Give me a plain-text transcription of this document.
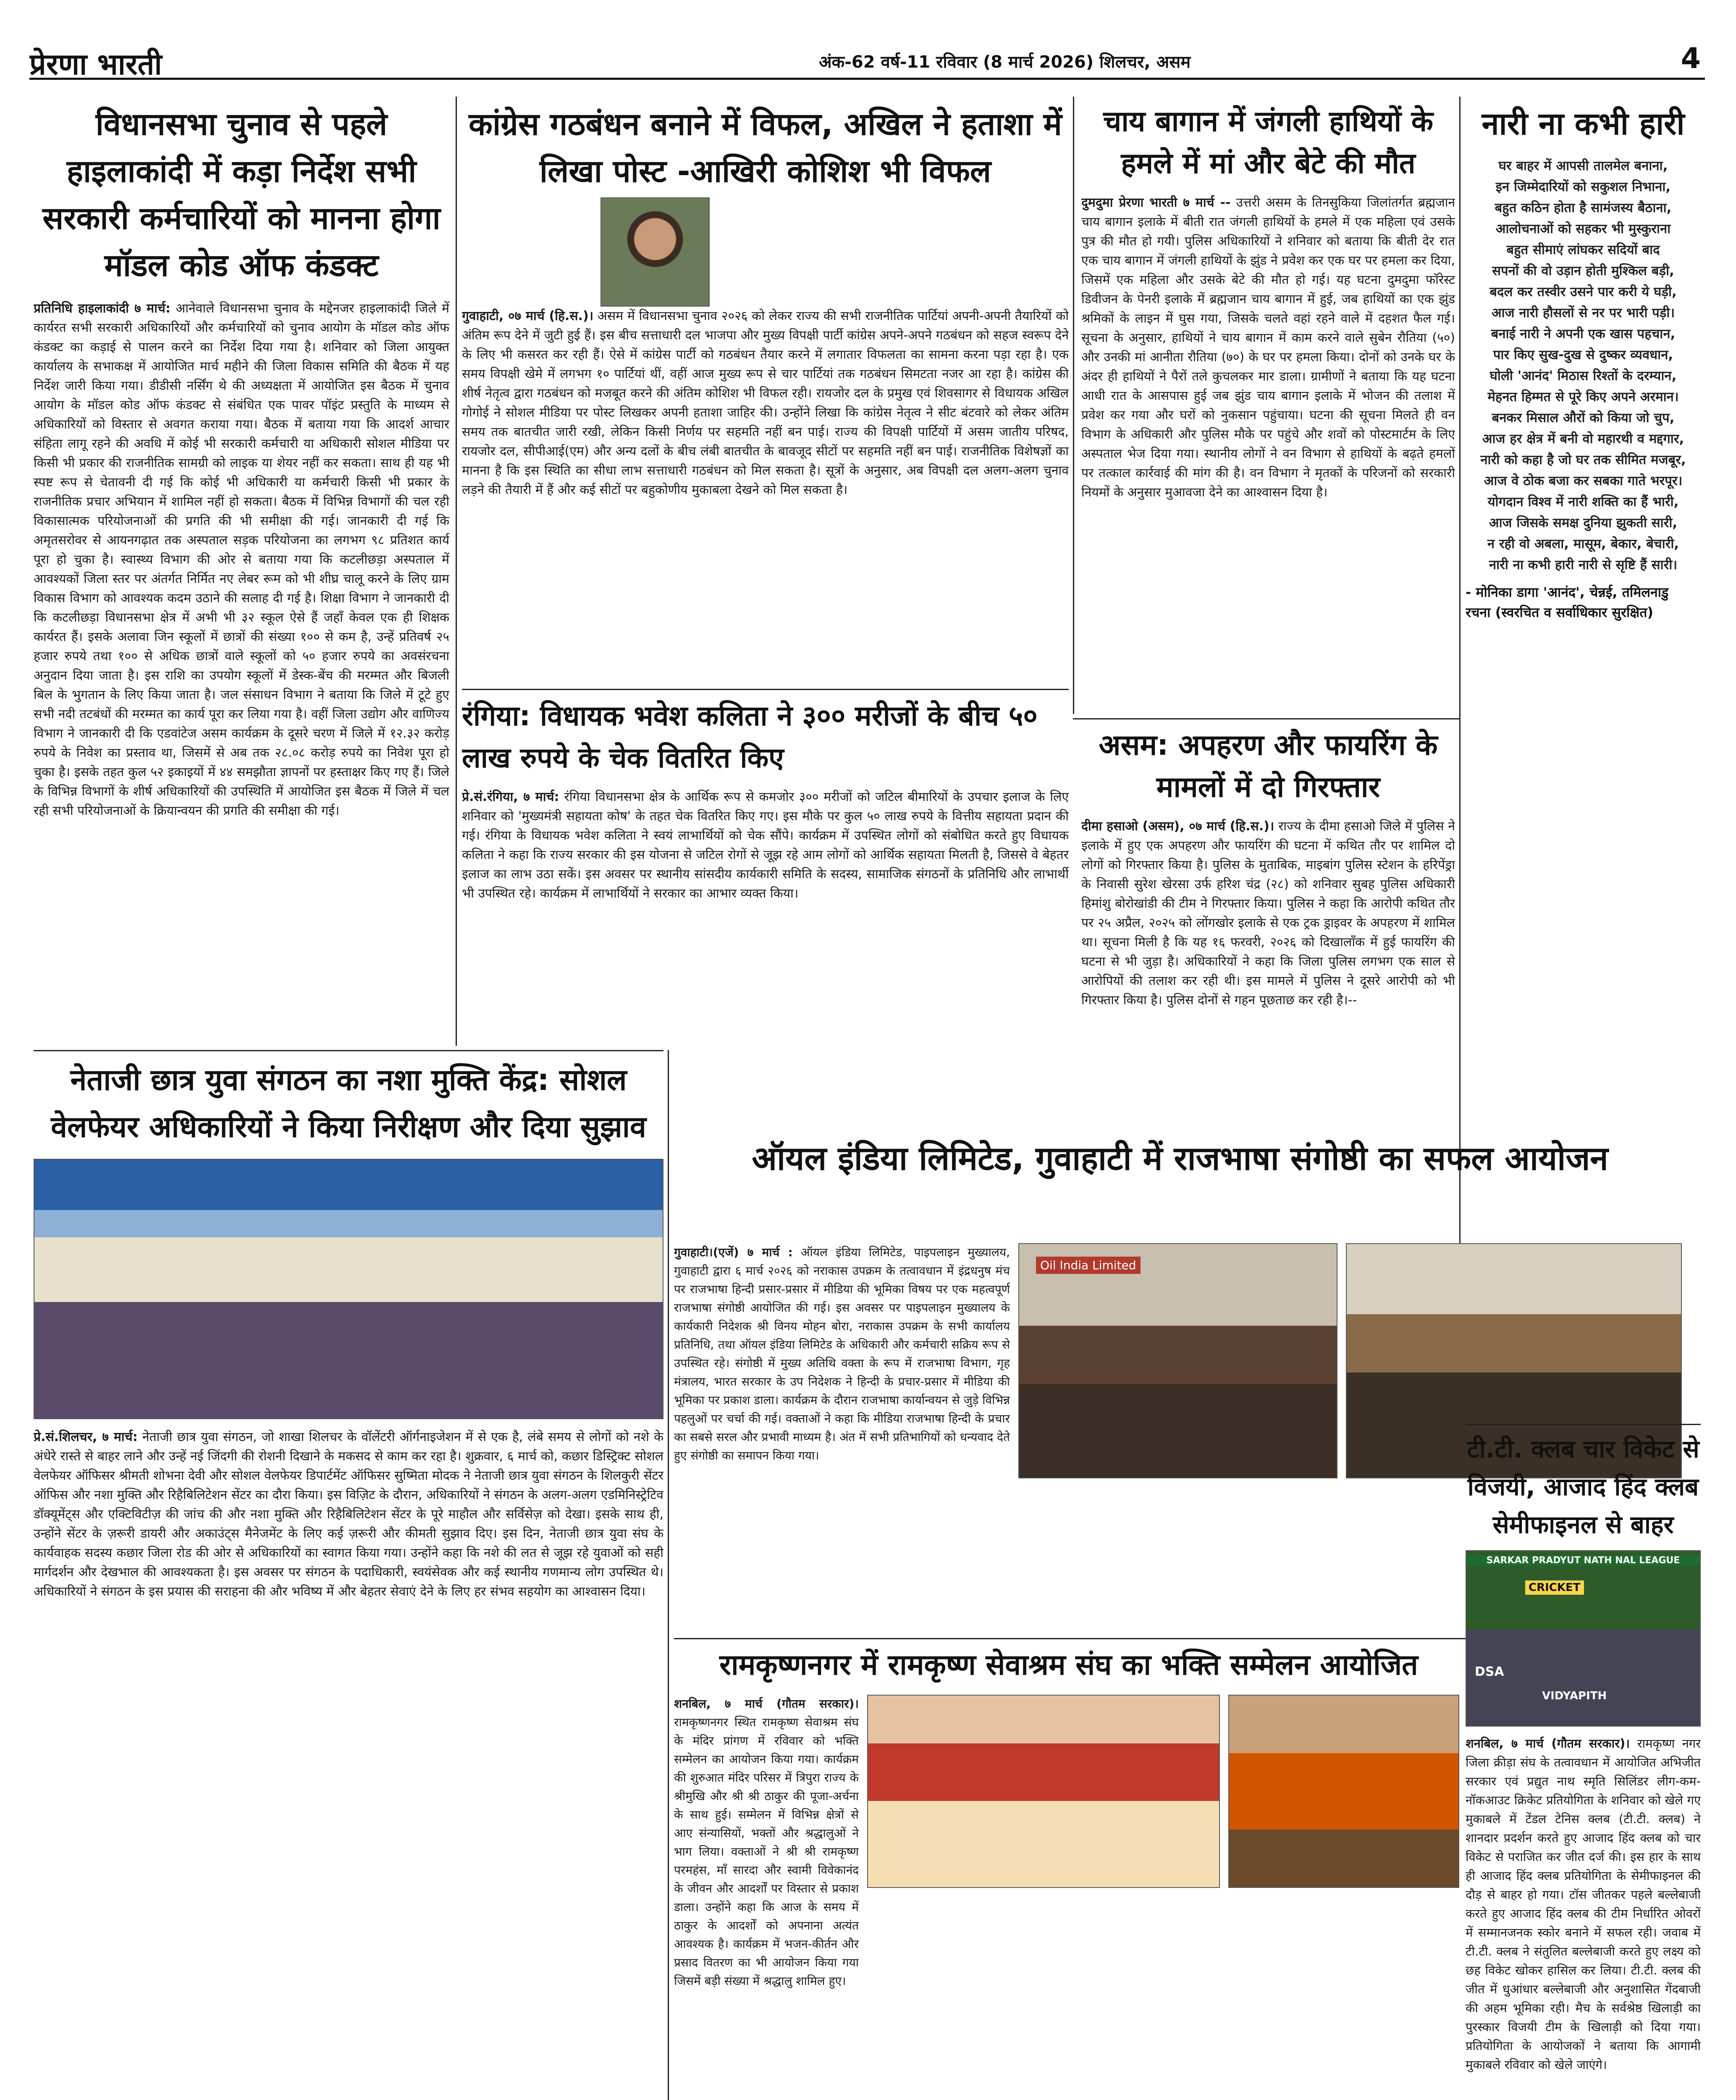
प्रेरणा भारती	अंक-62 वर्ष-11 रविवार (8 मार्च 2026) शिलचर, असम	4
विधानसभा चुनाव से पहले हाइलाकांदी में कड़ा निर्देश सभी सरकारी कर्मचारियों को मानना होगा मॉडल कोड ऑफ कंडक्ट
प्रतिनिधि हाइलाकांदी ७ मार्च: आनेवाले विधानसभा चुनाव के मद्देनजर हाइलाकांदी जिले में कार्यरत सभी सरकारी अधिकारियों और कर्मचारियों को चुनाव आयोग के मॉडल कोड ऑफ कंडक्ट का कड़ाई से पालन करने का निर्देश दिया गया है। शनिवार को जिला आयुक्त कार्यालय के सभाकक्ष में आयोजित मार्च महीने की जिला विकास समिति की बैठक में यह निर्देश जारी किया गया। डीडीसी नर्सिंग थे की अध्यक्षता में आयोजित इस बैठक में चुनाव आयोग के मॉडल कोड ऑफ कंडक्ट से संबंधित एक पावर पॉइंट प्रस्तुति के माध्यम से अधिकारियों को विस्तार से अवगत कराया गया। बैठक में बताया गया कि आदर्श आचार संहिता लागू रहने की अवधि में कोई भी सरकारी कर्मचारी या अधिकारी सोशल मीडिया पर किसी भी प्रकार की राजनीतिक सामग्री को लाइक या शेयर नहीं कर सकता। साथ ही यह भी स्पष्ट रूप से चेतावनी दी गई कि कोई भी अधिकारी या कर्मचारी किसी भी प्रकार के राजनीतिक प्रचार अभियान में शामिल नहीं हो सकता। बैठक में विभिन्न विभागों की चल रही विकासात्मक परियोजनाओं की प्रगति की भी समीक्षा की गई। जानकारी दी गई कि अमृतसरोवर से आयनगढ़ात तक अस्पताल सड़क परियोजना का लगभग ९८ प्रतिशत कार्य पूरा हो चुका है। स्वास्थ्य विभाग की ओर से बताया गया कि कटलीछड़ा अस्पताल में आवश्यकों जिला स्तर पर अंतर्गत निर्मित नए लेबर रूम को भी शीघ्र चालू करने के लिए ग्राम विकास विभाग को आवश्यक कदम उठाने की सलाह दी गई है। शिक्षा विभाग ने जानकारी दी कि कटलीछड़ा विधानसभा क्षेत्र में अभी भी ३२ स्कूल ऐसे हैं जहाँ केवल एक ही शिक्षक कार्यरत हैं। इसके अलावा जिन स्कूलों में छात्रों की संख्या १०० से कम है, उन्हें प्रतिवर्ष २५ हजार रुपये तथा १०० से अधिक छात्रों वाले स्कूलों को ५० हजार रुपये का अवसंरचना अनुदान दिया जाता है। इस राशि का उपयोग स्कूलों में डेस्क-बेंच की मरम्मत और बिजली बिल के भुगतान के लिए किया जाता है। जल संसाधन विभाग ने बताया कि जिले में टूटे हुए सभी नदी तटबंधों की मरम्मत का कार्य पूरा कर लिया गया है। वहीं जिला उद्योग और वाणिज्य विभाग ने जानकारी दी कि एडवांटेज असम कार्यक्रम के दूसरे चरण में जिले में १२.३२ करोड़ रुपये के निवेश का प्रस्ताव था, जिसमें से अब तक २८.०८ करोड़ रुपये का निवेश पूरा हो चुका है। इसके तहत कुल ५२ इकाइयों में ४४ समझौता ज्ञापनों पर हस्ताक्षर किए गए हैं। जिले के विभिन्न विभागों के शीर्ष अधिकारियों की उपस्थिति में आयोजित इस बैठक में जिले में चल रही सभी परियोजनाओं के क्रियान्वयन की प्रगति की समीक्षा की गई।
कांग्रेस गठबंधन बनाने में विफल, अखिल ने हताशा में लिखा पोस्ट -आखिरी कोशिश भी विफल
गुवाहाटी, ०७ मार्च (हि.स.)। असम में विधानसभा चुनाव २०२६ को लेकर राज्य की सभी राजनीतिक पार्टियां अपनी-अपनी तैयारियों को अंतिम रूप देने में जुटी हुई हैं। इस बीच सत्ताधारी दल भाजपा और मुख्य विपक्षी पार्टी कांग्रेस अपने-अपने गठबंधन को सहज स्वरूप देने के लिए भी कसरत कर रही हैं। ऐसे में कांग्रेस पार्टी को गठबंधन तैयार करने में लगातार विफलता का सामना करना पड़ा रहा है। एक समय विपक्षी खेमे में लगभग १० पार्टियां थीं, वहीं आज मुख्य रूप से चार पार्टियां तक गठबंधन सिमटता नजर आ रहा है। कांग्रेस की शीर्ष नेतृत्व द्वारा गठबंधन को मजबूत करने की अंतिम कोशिश भी विफल रही। रायजोर दल के प्रमुख एवं शिवसागर से विधायक अखिल गोगोई ने सोशल मीडिया पर पोस्ट लिखकर अपनी हताशा जाहिर की। उन्होंने लिखा कि कांग्रेस नेतृत्व ने सीट बंटवारे को लेकर अंतिम समय तक बातचीत जारी रखी, लेकिन किसी निर्णय पर सहमति नहीं बन पाई। राज्य की विपक्षी पार्टियों में असम जातीय परिषद, रायजोर दल, सीपीआई(एम) और अन्य दलों के बीच लंबी बातचीत के बावजूद सीटों पर सहमति नहीं बन पाई। राजनीतिक विशेषज्ञों का मानना है कि इस स्थिति का सीधा लाभ सत्ताधारी गठबंधन को मिल सकता है। सूत्रों के अनुसार, अब विपक्षी दल अलग-अलग चुनाव लड़ने की तैयारी में हैं और कई सीटों पर बहुकोणीय मुकाबला देखने को मिल सकता है।
चाय बागान में जंगली हाथियों के हमले में मां और बेटे की मौत
दुमदुमा प्रेरणा भारती ७ मार्च -- उत्तरी असम के तिनसुकिया जिलांतर्गत ब्रह्मजान चाय बागान इलाके में बीती रात जंगली हाथियों के हमले में एक महिला एवं उसके पुत्र की मौत हो गयी। पुलिस अधिकारियों ने शनिवार को बताया कि बीती देर रात एक चाय बागान में जंगली हाथियों के झुंड ने प्रवेश कर एक घर पर हमला कर दिया, जिसमें एक महिला और उसके बेटे की मौत हो गई। यह घटना दुमदुमा फॉरेस्ट डिवीजन के पेनरी इलाके में ब्रह्मजान चाय बागान में हुई, जब हाथियों का एक झुंड श्रमिकों के लाइन में घुस गया, जिसके चलते वहां रहने वाले में दहशत फैल गई। सूचना के अनुसार, हाथियों ने चाय बागान में काम करने वाले सुबेन रौतिया (५०) और उनकी मां आनीता रौतिया (७०) के घर पर हमला किया। दोनों को उनके घर के अंदर ही हाथियों ने पैरों तले कुचलकर मार डाला। ग्रामीणों ने बताया कि यह घटना आधी रात के आसपास हुई जब झुंड चाय बागान इलाके में भोजन की तलाश में प्रवेश कर गया और घरों को नुकसान पहुंचाया। घटना की सूचना मिलते ही वन विभाग के अधिकारी और पुलिस मौके पर पहुंचे और शवों को पोस्टमार्टम के लिए अस्पताल भेज दिया गया। स्थानीय लोगों ने वन विभाग से हाथियों के बढ़ते हमलों पर तत्काल कार्रवाई की मांग की है। वन विभाग ने मृतकों के परिजनों को सरकारी नियमों के अनुसार मुआवजा देने का आश्वासन दिया है।
नारी ना कभी हारी
घर बाहर में आपसी तालमेल बनाना,
इन जिम्मेदारियों को सकुशल निभाना,
बहुत कठिन होता है सामंजस्य बैठाना,
आलोचनाओं को सहकर भी मुस्कुराना
बहुत सीमाएं लांघकर सदियों बाद
सपनों की वो उड़ान होती मुश्किल बड़ी,
बदल कर तस्वीर उसने पार करी ये घड़ी,
आज नारी हौसलों से नर पर भारी पड़ी।
बनाई नारी ने अपनी एक खास पहचान,
पार किए सुख-दुख से दुष्कर व्यवधान,
घोली 'आनंद' मिठास रिश्तों के दरम्यान,
मेहनत हिम्मत से पूरे किए अपने अरमान।
बनकर मिसाल औरों को किया जो चुप,
आज हर क्षेत्र में बनी वो महारथी व मद्दगार,
नारी को कहा है जो घर तक सीमित मजबूर,
आज वे ठोक बजा कर सबका गाते भरपूर।
योगदान विश्व में नारी शक्ति का हैं भारी,
आज जिसके समक्ष दुनिया झुकती सारी,
न रही वो अबला, मासूम, बेकार, बेचारी,
नारी ना कभी हारी नारी से सृष्टि हैं सारी।
- मोनिका डागा 'आनंद', चेन्नई, तमिलनाडु
रचना (स्वरचित व सर्वाधिकार सुरक्षित)
असम: अपहरण और फायरिंग के मामलों में दो गिरफ्तार
दीमा हसाओ (असम), ०७ मार्च (हि.स.)। राज्य के दीमा हसाओ जिले में पुलिस ने इलाके में हुए एक अपहरण और फायरिंग की घटना में कथित तौर पर शामिल दो लोगों को गिरफ्तार किया है। पुलिस के मुताबिक, माइबांग पुलिस स्टेशन के हरिपेंड्रा के निवासी सुरेश खेरसा उर्फ हरिश चंद्र (२८) को शनिवार सुबह पुलिस अधिकारी हिमांशु बोरोखांडी की टीम ने गिरफ्तार किया। पुलिस ने कहा कि आरोपी कथित तौर पर २५ अप्रैल, २०२५ को लोंगखोर इलाके से एक ट्रक ड्राइवर के अपहरण में शामिल था। सूचना मिली है कि यह १६ फरवरी, २०२६ को दिखालाँक में हुई फायरिंग की घटना से भी जुड़ा है। अधिकारियों ने कहा कि जिला पुलिस लगभग एक साल से आरोपियों की तलाश कर रही थी। इस मामले में पुलिस ने दूसरे आरोपी को भी गिरफ्तार किया है। पुलिस दोनों से गहन पूछताछ कर रही है।--
रंगिया: विधायक भवेश कलिता ने ३०० मरीजों के बीच ५० लाख रुपये के चेक वितरित किए
प्रे.सं.रंगिया, ७ मार्च: रंगिया विधानसभा क्षेत्र के आर्थिक रूप से कमजोर ३०० मरीजों को जटिल बीमारियों के उपचार इलाज के लिए शनिवार को 'मुख्यमंत्री सहायता कोष' के तहत चेक वितरित किए गए। इस मौके पर कुल ५० लाख रुपये के वित्तीय सहायता प्रदान की गई। रंगिया के विधायक भवेश कलिता ने स्वयं लाभार्थियों को चेक सौंपे। कार्यक्रम में उपस्थित लोगों को संबोधित करते हुए विधायक कलिता ने कहा कि राज्य सरकार की इस योजना से जटिल रोगों से जूझ रहे आम लोगों को आर्थिक सहायता मिलती है, जिससे वे बेहतर इलाज का लाभ उठा सकें। इस अवसर पर स्थानीय सांसदीय कार्यकारी समिति के सदस्य, सामाजिक संगठनों के प्रतिनिधि और लाभार्थी भी उपस्थित रहे। कार्यक्रम में लाभार्थियों ने सरकार का आभार व्यक्त किया।
नेताजी छात्र युवा संगठन का नशा मुक्ति केंद्र: सोशल वेलफेयर अधिकारियों ने किया निरीक्षण और दिया सुझाव
प्रे.सं.शिलचर, ७ मार्च: नेताजी छात्र युवा संगठन, जो शाखा शिलचर के वॉलेंटरी ऑर्गनाइजेशन में से एक है, लंबे समय से लोगों को नशे के अंधेरे रास्ते से बाहर लाने और उन्हें नई जिंदगी की रोशनी दिखाने के मकसद से काम कर रहा है। शुक्रवार, ६ मार्च को, कछार डिस्ट्रिक्ट सोशल वेलफेयर ऑफिसर श्रीमती शोभना देवी और सोशल वेलफेयर डिपार्टमेंट ऑफिसर सुष्मिता मोदक ने नेताजी छात्र युवा संगठन के शिलकुरी सेंटर ऑफिस और नशा मुक्ति और रिहैबिलिटेशन सेंटर का दौरा किया। इस विज़िट के दौरान, अधिकारियों ने संगठन के अलग-अलग एडमिनिस्ट्रेटिव डॉक्यूमेंट्स और एक्टिविटीज़ की जांच की और नशा मुक्ति और रिहैबिलिटेशन सेंटर के पूरे माहौल और सर्विसेज़ को देखा। इसके साथ ही, उन्होंने सेंटर के ज़रूरी डायरी और अकाउंट्स मैनेजमेंट के लिए कई ज़रूरी और कीमती सुझाव दिए। इस दिन, नेताजी छात्र युवा संघ के कार्यवाहक सदस्य कछार जिला रोड की ओर से अधिकारियों का स्वागत किया गया। उन्होंने कहा कि नशे की लत से जूझ रहे युवाओं को सही मार्गदर्शन और देखभाल की आवश्यकता है। इस अवसर पर संगठन के पदाधिकारी, स्वयंसेवक और कई स्थानीय गणमान्य लोग उपस्थित थे। अधिकारियों ने संगठन के इस प्रयास की सराहना की और भविष्य में और बेहतर सेवाएं देने के लिए हर संभव सहयोग का आश्वासन दिया।
ऑयल इंडिया लिमिटेड, गुवाहाटी में राजभाषा संगोष्ठी का सफल आयोजन
गुवाहाटी।(एजें) ७ मार्च : ऑयल इंडिया लिमिटेड, पाइपलाइन मुख्यालय, गुवाहाटी द्वारा ६ मार्च २०२६ को नराकास उपक्रम के तत्वावधान में इंद्रधनुष मंच पर राजभाषा हिन्दी प्रसार-प्रसार में मीडिया की भूमिका विषय पर एक महत्वपूर्ण राजभाषा संगोष्ठी आयोजित की गई। इस अवसर पर पाइपलाइन मुख्यालय के कार्यकारी निदेशक श्री विनय मोहन बोरा, नराकास उपक्रम के सभी कार्यालय प्रतिनिधि, तथा ऑयल इंडिया लिमिटेड के अधिकारी और कर्मचारी सक्रिय रूप से उपस्थित रहे। संगोष्ठी में मुख्य अतिथि वक्ता के रूप में राजभाषा विभाग, गृह मंत्रालय, भारत सरकार के उप निदेशक ने हिन्दी के प्रचार-प्रसार में मीडिया की भूमिका पर प्रकाश डाला। कार्यक्रम के दौरान राजभाषा कार्यान्वयन से जुड़े विभिन्न पहलुओं पर चर्चा की गई। वक्ताओं ने कहा कि मीडिया राजभाषा हिन्दी के प्रचार का सबसे सरल और प्रभावी माध्यम है। अंत में सभी प्रतिभागियों को धन्यवाद देते हुए संगोष्ठी का समापन किया गया।
Oil India Limited
रामकृष्णनगर में रामकृष्ण सेवाश्रम संघ का भक्ति सम्मेलन आयोजित
शनबिल, ७ मार्च (गौतम सरकार)। रामकृष्णनगर स्थित रामकृष्ण सेवाश्रम संघ के मंदिर प्रांगण में रविवार को भक्ति सम्मेलन का आयोजन किया गया। कार्यक्रम की शुरुआत मंदिर परिसर में त्रिपुरा राज्य के श्रीमुखि और श्री श्री ठाकुर की पूजा-अर्चना के साथ हुई। सम्मेलन में विभिन्न क्षेत्रों से आए संन्यासियों, भक्तों और श्रद्धालुओं ने भाग लिया। वक्ताओं ने श्री श्री रामकृष्ण परमहंस, माँ सारदा और स्वामी विवेकानंद के जीवन और आदर्शों पर विस्तार से प्रकाश डाला। उन्होंने कहा कि आज के समय में ठाकुर के आदर्शों को अपनाना अत्यंत आवश्यक है। कार्यक्रम में भजन-कीर्तन और प्रसाद वितरण का भी आयोजन किया गया जिसमें बड़ी संख्या में श्रद्धालु शामिल हुए।
टी.टी. क्लब चार विकेट से विजयी, आजाद हिंद क्लब सेमीफाइनल से बाहर
SARKAR PRADYUT NATH NAL LEAGUE
CRICKET
DSA
VIDYAPITH
शनबिल, ७ मार्च (गौतम सरकार)। रामकृष्ण नगर जिला क्रीड़ा संघ के तत्वावधान में आयोजित अभिजीत सरकार एवं प्रद्युत नाथ स्मृति सिलिंडर लीग-कम-नॉकआउट क्रिकेट प्रतियोगिता के शनिवार को खेले गए मुकाबले में टेंडल टेनिस क्लब (टी.टी. क्लब) ने शानदार प्रदर्शन करते हुए आजाद हिंद क्लब को चार विकेट से पराजित कर जीत दर्ज की। इस हार के साथ ही आजाद हिंद क्लब प्रतियोगिता के सेमीफाइनल की दौड़ से बाहर हो गया। टॉस जीतकर पहले बल्लेबाजी करते हुए आजाद हिंद क्लब की टीम निर्धारित ओवरों में सम्मानजनक स्कोर बनाने में सफल रही। जवाब में टी.टी. क्लब ने संतुलित बल्लेबाजी करते हुए लक्ष्य को छह विकेट खोकर हासिल कर लिया। टी.टी. क्लब की जीत में धुआंधार बल्लेबाजी और अनुशासित गेंदबाजी की अहम भूमिका रही। मैच के सर्वश्रेष्ठ खिलाड़ी का पुरस्कार विजयी टीम के खिलाड़ी को दिया गया। प्रतियोगिता के आयोजकों ने बताया कि आगामी मुकाबले रविवार को खेले जाएंगे।
